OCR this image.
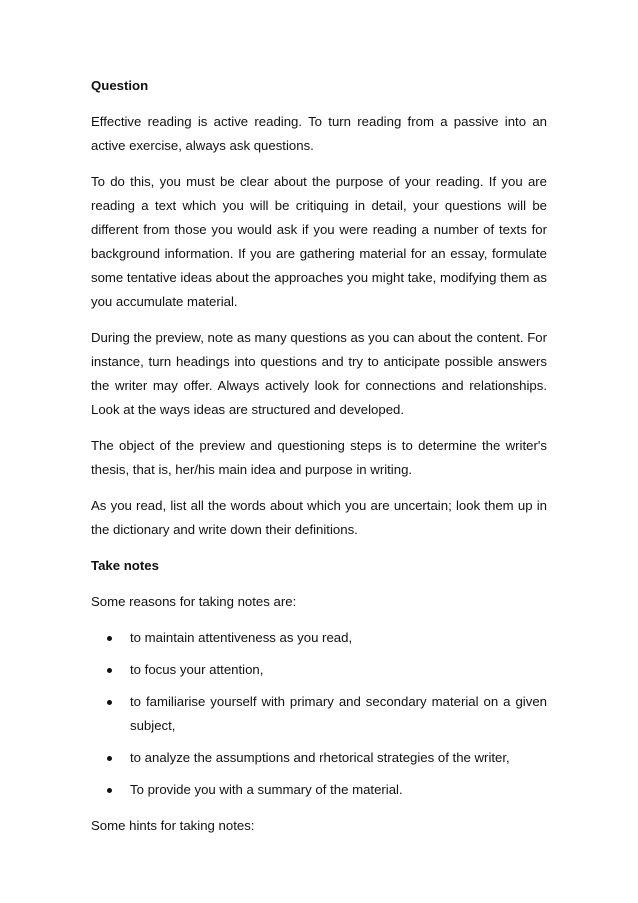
Question

Effective reading is active reading. To turn reading from a passive into an active exercise, always ask questions.

To do this, you must be clear about the purpose of your reading. If you are reading a text which you will be critiquing in detail, your questions will be different from those you would ask if you were reading a number of texts for background information. If you are gathering material for an essay, formulate some tentative ideas about the approaches you might take, modifying them as you accumulate material.

During the preview, note as many questions as you can about the content. For instance, turn headings into questions and try to anticipate possible answers the writer may offer. Always actively look for connections and relationships. Look at the ways ideas are structured and developed.

The object of the preview and questioning steps is to determine the writer's thesis, that is, her/his main idea and purpose in writing.

As you read, list all the words about which you are uncertain; look them up in the dictionary and write down their definitions.

Take notes

Some reasons for taking notes are:

to maintain attentiveness as you read,
to focus your attention,
to familiarise yourself with primary and secondary material on a given subject,
to analyze the assumptions and rhetorical strategies of the writer,
To provide you with a summary of the material.

Some hints for taking notes:
